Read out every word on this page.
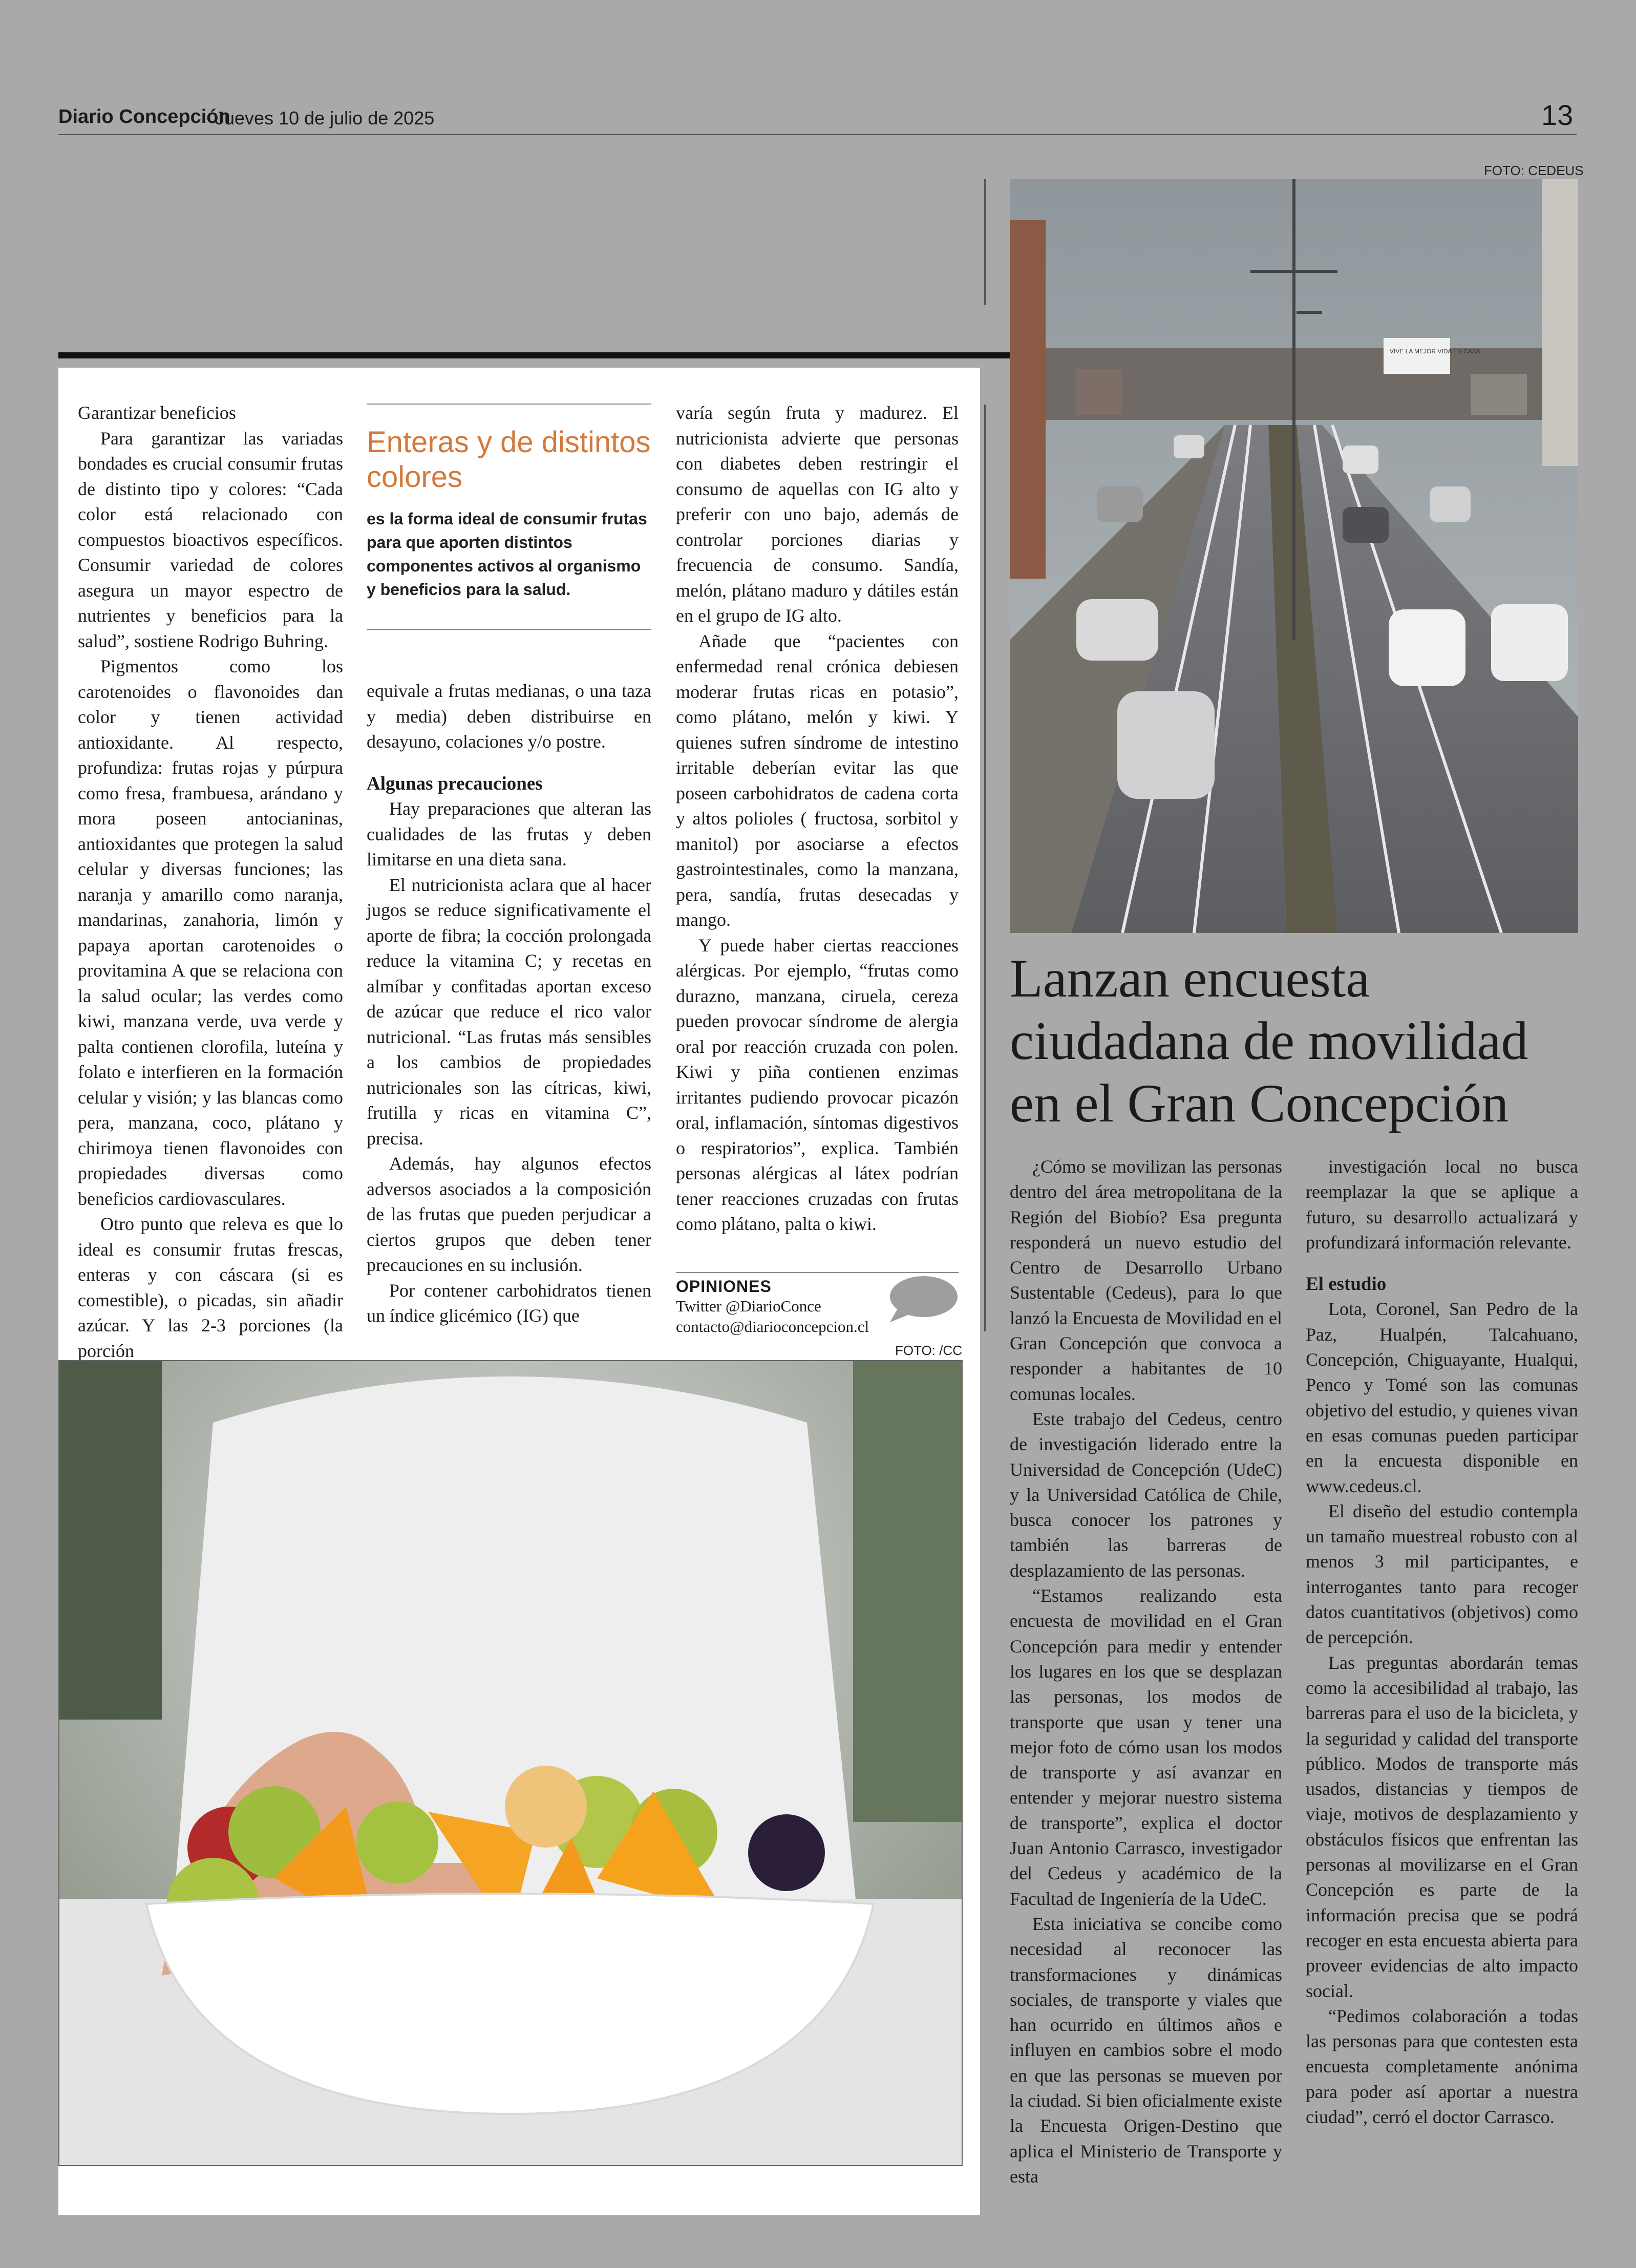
Diario Concepción
Jueves 10 de julio de 2025	13
FOTO: CEDEUS

Garantizar beneficios

Para garantizar las variadas bondades es crucial consumir frutas de distinto tipo y colores: “Cada color está relacionado con compuestos bioactivos específicos. Consumir variedad de colores asegura un mayor espectro de nutrientes y beneficios para la salud”, sostiene Rodrigo Buhring.

Pigmentos como los carotenoides o flavonoides dan color y tienen actividad antioxidante. Al respecto, profundiza: frutas rojas y púrpura como fresa, frambuesa, arándano y mora poseen antocianinas, antioxidantes que protegen la salud celular y diversas funciones; las naranja y amarillo como naranja, mandarinas, zanahoria, limón y papaya aportan carotenoides o provitamina A que se relaciona con la salud ocular; las verdes como kiwi, manzana verde, uva verde y palta contienen clorofila, luteína y folato e interfieren en la formación celular y visión; y las blancas como pera, manzana, coco, plátano y chirimoya tienen flavonoides con propiedades diversas como beneficios cardiovasculares.

Otro punto que releva es que lo ideal es consumir frutas frescas, enteras y con cáscara (si es comestible), o picadas, sin añadir azúcar. Y las 2-3 porciones (la porción

Enteras y de distintos colores
es la forma ideal de consumir frutas para que aporten distintos componentes activos al organismo y beneficios para la salud.

equivale a frutas medianas, o una taza y media) deben distribuirse en desayuno, colaciones y/o postre.

Algunas precauciones

Hay preparaciones que alteran las cualidades de las frutas y deben limitarse en una dieta sana.

El nutricionista aclara que al hacer jugos se reduce significativamente el aporte de fibra; la cocción prolongada reduce la vitamina C; y recetas en almíbar y confitadas aportan exceso de azúcar que reduce el rico valor nutricional. “Las frutas más sensibles a los cambios de propiedades nutricionales son las cítricas, kiwi, frutilla y ricas en vitamina C”, precisa.

Además, hay algunos efectos adversos asociados a la composición de las frutas que pueden perjudicar a ciertos grupos que deben tener precauciones en su inclusión.

Por contener carbohidratos tienen un índice glicémico (IG) que

varía según fruta y madurez. El nutricionista advierte que personas con diabetes deben restringir el consumo de aquellas con IG alto y preferir con uno bajo, además de controlar porciones diarias y frecuencia de consumo. Sandía, melón, plátano maduro y dátiles están en el grupo de IG alto.

Añade que “pacientes con enfermedad renal crónica debiesen moderar frutas ricas en potasio”, como plátano, melón y kiwi. Y quienes sufren síndrome de intestino irritable deberían evitar las que poseen carbohidratos de cadena corta y altos polioles ( fructosa, sorbitol y manitol) por asociarse a efectos gastrointestinales, como la manzana, pera, sandía, frutas desecadas y mango.

Y puede haber ciertas reacciones alérgicas. Por ejemplo, “frutas como durazno, manzana, ciruela, cereza pueden provocar síndrome de alergia oral por reacción cruzada con polen. Kiwi y piña contienen enzimas irritantes pudiendo provocar picazón oral, inflamación, síntomas digestivos o respiratorios”, explica. También personas alérgicas al látex podrían tener reacciones cruzadas con frutas como plátano, palta o kiwi.

OPINIONES
Twitter @DiarioConce
contacto@diarioconcepcion.cl
FOTO: /CC
VIVE LA MEJOR VIDA EN CASA
Lanzan encuesta ciudadana de movilidad en el Gran Concepción

¿Cómo se movilizan las personas dentro del área metropolitana de la Región del Biobío? Esa pregunta responderá un nuevo estudio del Centro de Desarrollo Urbano Sustentable (Cedeus), para lo que lanzó la Encuesta de Movilidad en el Gran Concepción que convoca a responder a habitantes de 10 comunas locales.

Este trabajo del Cedeus, centro de investigación liderado entre la Universidad de Concepción (UdeC) y la Universidad Católica de Chile, busca conocer los patrones y también las barreras de desplazamiento de las personas.

“Estamos realizando esta encuesta de movilidad en el Gran Concepción para medir y entender los lugares en los que se desplazan las personas, los modos de transporte que usan y tener una mejor foto de cómo usan los modos de transporte y así avanzar en entender y mejorar nuestro sistema de transporte”, explica el doctor Juan Antonio Carrasco, investigador del Cedeus y académico de la Facultad de Ingeniería de la UdeC.

Esta iniciativa se concibe como necesidad al reconocer las transformaciones y dinámicas sociales, de transporte y viales que han ocurrido en últimos años e influyen en cambios sobre el modo en que las personas se mueven por la ciudad. Si bien oficialmente existe la Encuesta Origen-Destino que aplica el Ministerio de Transporte y esta

investigación local no busca reemplazar la que se aplique a futuro, su desarrollo actualizará y profundizará información relevante.

El estudio

Lota, Coronel, San Pedro de la Paz, Hualpén, Talcahuano, Concepción, Chiguayante, Hualqui, Penco y Tomé son las comunas objetivo del estudio, y quienes vivan en esas comunas pueden participar en la encuesta disponible en www.cedeus.cl.

El diseño del estudio contempla un tamaño muestreal robusto con al menos 3 mil participantes, e interrogantes tanto para recoger datos cuantitativos (objetivos) como de percepción.

Las preguntas abordarán temas como la accesibilidad al trabajo, las barreras para el uso de la bicicleta, y la seguridad y calidad del transporte público. Modos de transporte más usados, distancias y tiempos de viaje, motivos de desplazamiento y obstáculos físicos que enfrentan las personas al movilizarse en el Gran Concepción es parte de la información precisa que se podrá recoger en esta encuesta abierta para proveer evidencias de alto impacto social.

“Pedimos colaboración a todas las personas para que contesten esta encuesta completamente anónima para poder así aportar a nuestra ciudad”, cerró el doctor Carrasco.
